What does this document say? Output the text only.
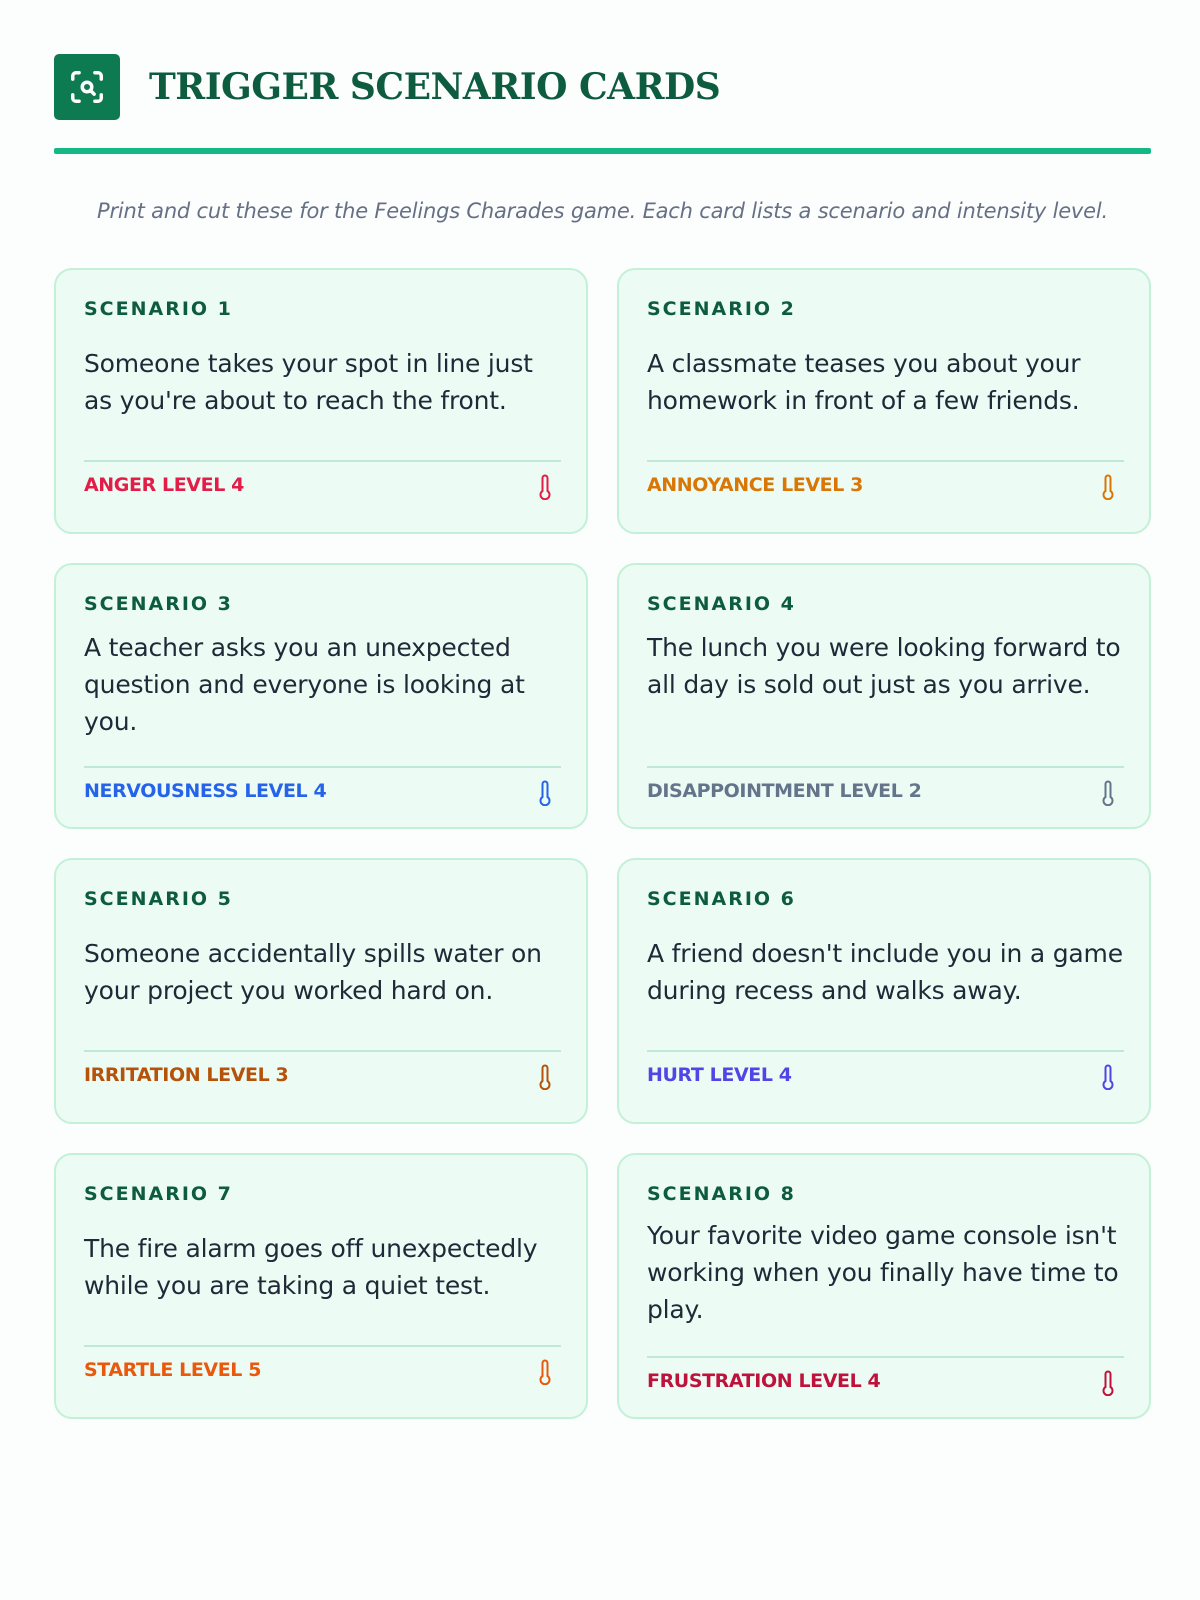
TRIGGER SCENARIO CARDS
Print and cut these for the Feelings Charades game. Each card lists a scenario and intensity level.
SCENARIO 1
Someone takes your spot in line just as you're about to reach the front.
ANGER LEVEL 4
SCENARIO 2
A classmate teases you about your homework in front of a few friends.
ANNOYANCE LEVEL 3
SCENARIO 3
A teacher asks you an unexpected question and everyone is looking at you.
NERVOUSNESS LEVEL 4
SCENARIO 4
The lunch you were looking forward to all day is sold out just as you arrive.
DISAPPOINTMENT LEVEL 2
SCENARIO 5
Someone accidentally spills water on your project you worked hard on.
IRRITATION LEVEL 3
SCENARIO 6
A friend doesn't include you in a game during recess and walks away.
HURT LEVEL 4
SCENARIO 7
The fire alarm goes off unexpectedly while you are taking a quiet test.
STARTLE LEVEL 5
SCENARIO 8
Your favorite video game console isn't working when you finally have time to play.
FRUSTRATION LEVEL 4
